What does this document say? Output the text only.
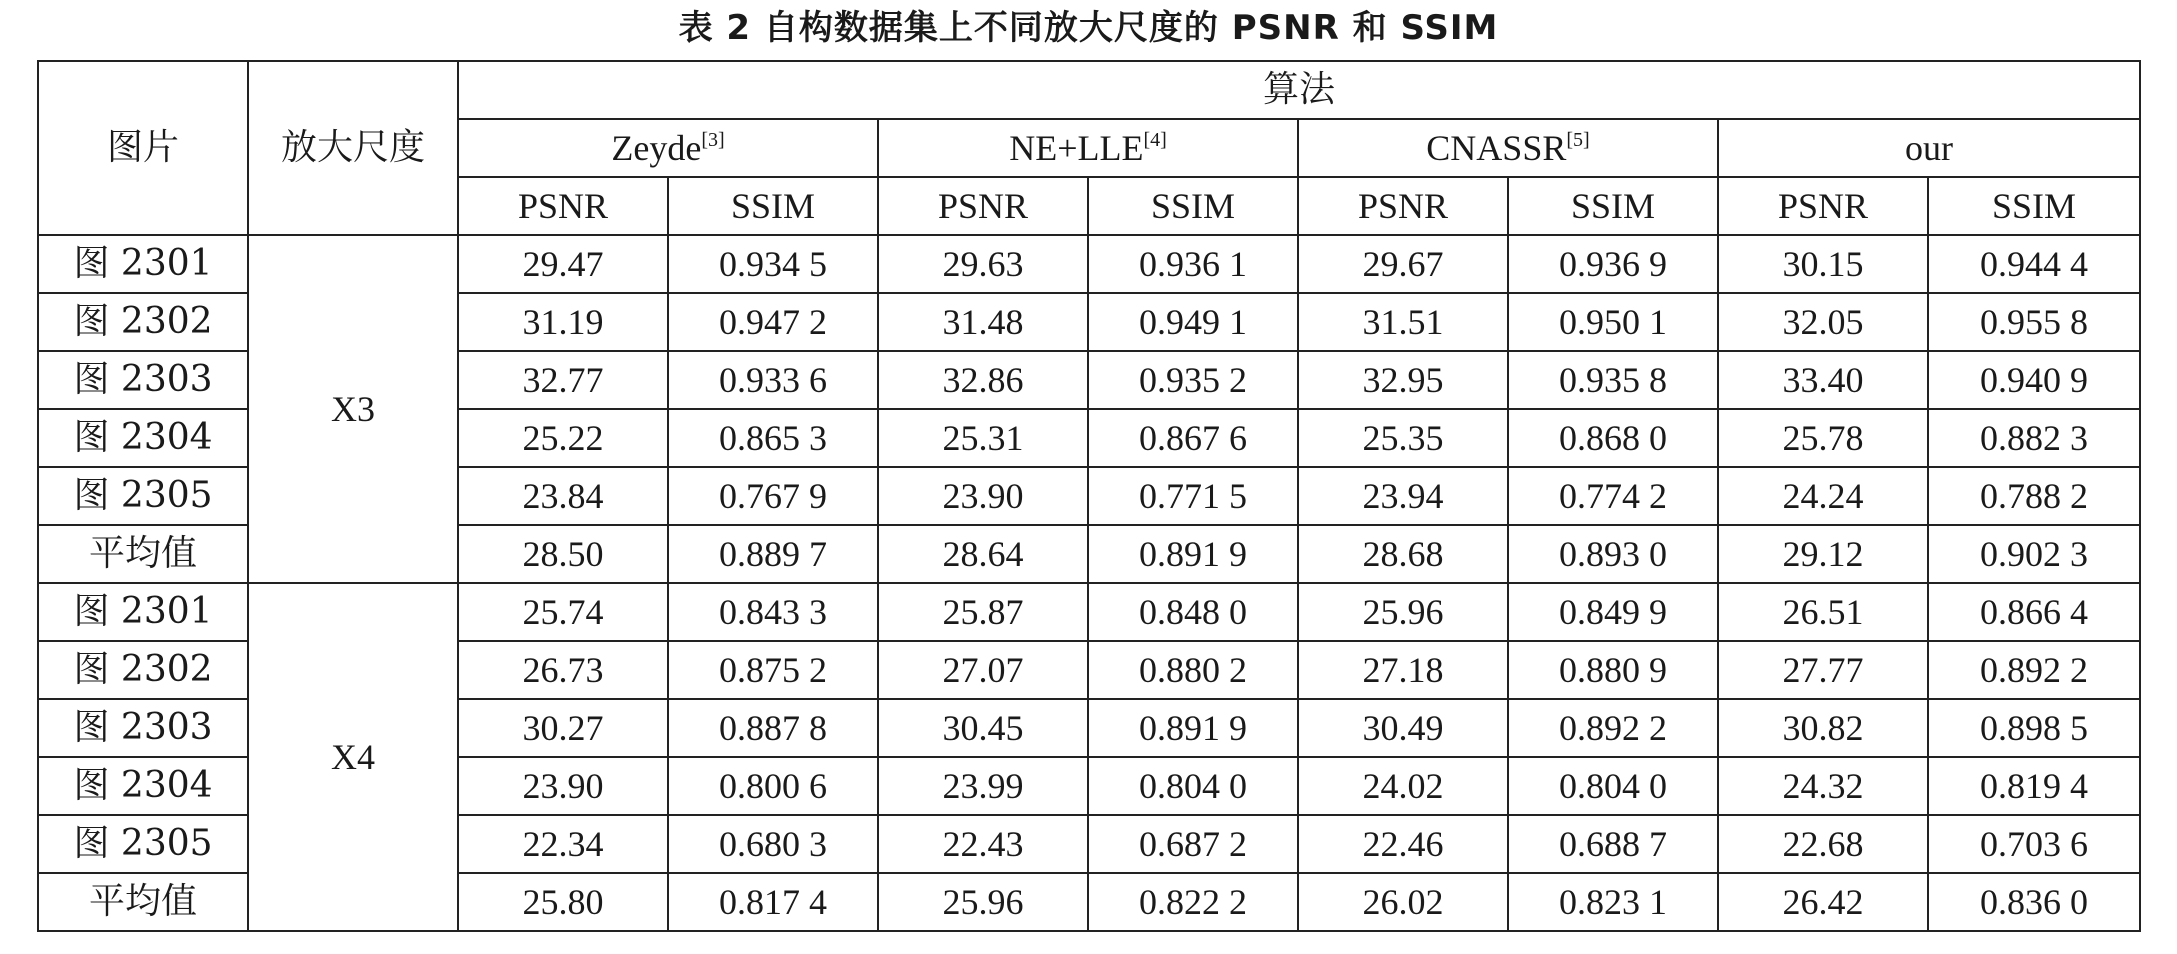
表 2 自构数据集上不同放大尺度的 PSNR 和 SSIM
图片	放大尺度	算法							
		Zeyde[3]		NE+LLE[4]		CNASSR[5]		our	
		PSNR	SSIM	PSNR	SSIM	PSNR	SSIM	PSNR	SSIM
图 2301	X3	29.47	0.934 5	29.63	0.936 1	29.67	0.936 9	30.15	0.944 4
图 2302		31.19	0.947 2	31.48	0.949 1	31.51	0.950 1	32.05	0.955 8
图 2303		32.77	0.933 6	32.86	0.935 2	32.95	0.935 8	33.40	0.940 9
图 2304		25.22	0.865 3	25.31	0.867 6	25.35	0.868 0	25.78	0.882 3
图 2305		23.84	0.767 9	23.90	0.771 5	23.94	0.774 2	24.24	0.788 2
平均值		28.50	0.889 7	28.64	0.891 9	28.68	0.893 0	29.12	0.902 3
图 2301	X4	25.74	0.843 3	25.87	0.848 0	25.96	0.849 9	26.51	0.866 4
图 2302		26.73	0.875 2	27.07	0.880 2	27.18	0.880 9	27.77	0.892 2
图 2303		30.27	0.887 8	30.45	0.891 9	30.49	0.892 2	30.82	0.898 5
图 2304		23.90	0.800 6	23.99	0.804 0	24.02	0.804 0	24.32	0.819 4
图 2305		22.34	0.680 3	22.43	0.687 2	22.46	0.688 7	22.68	0.703 6
平均值		25.80	0.817 4	25.96	0.822 2	26.02	0.823 1	26.42	0.836 0
